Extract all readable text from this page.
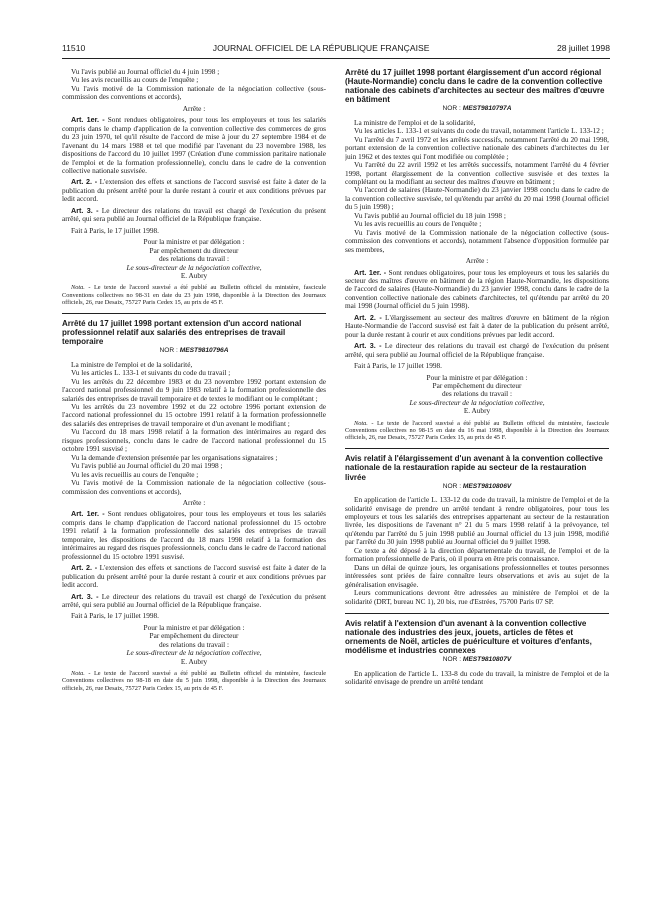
11510	JOURNAL OFFICIEL DE LA RÉPUBLIQUE FRANÇAISE	28 juillet 1998

Vu l'avis publié au Journal officiel du 4 juin 1998 ;

Vu les avis recueillis au cours de l'enquête ;

Vu l'avis motivé de la Commission nationale de la négociation collective (sous-commission des conventions et accords),

Arrête :

Art. 1er. - Sont rendues obligatoires, pour tous les employeurs et tous les salariés compris dans le champ d'application de la convention collective des commerces de gros du 23 juin 1970, tel qu'il résulte de l'accord de mise à jour du 27 septembre 1984 et de l'avenant du 14 mars 1988 et tel que modifié par l'avenant du 23 novembre 1988, les dispositions de l'accord du 10 juillet 1997 (Création d'une commission paritaire nationale de l'emploi et de la formation professionnelle), conclu dans le cadre de la convention collective nationale susvisée.

Art. 2. - L'extension des effets et sanctions de l'accord susvisé est faite à dater de la publication du présent arrêté pour la durée restant à courir et aux conditions prévues par ledit accord.

Art. 3. - Le directeur des relations du travail est chargé de l'exécution du présent arrêté, qui sera publié au Journal officiel de la République française.

Fait à Paris, le 17 juillet 1998.

Pour la ministre et par délégation :

Par empêchement du directeur

des relations du travail :

Le sous-directeur de la négociation collective,

E. Aubry

Nota. - Le texte de l'accord susvisé a été publié au Bulletin officiel du ministère, fascicule Conventions collectives no 98-31 en date du 23 juin 1998, disponible à la Direction des Journaux officiels, 26, rue Desaix, 75727 Paris Cedex 15, au prix de 45 F.

Arrêté du 17 juillet 1998 portant extension d'un accord national professionnel relatif aux salariés des entreprises de travail temporaire

NOR : MEST9810796A

La ministre de l'emploi et de la solidarité,

Vu les articles L. 133-1 et suivants du code du travail ;

Vu les arrêtés du 22 décembre 1983 et du 23 novembre 1992 portant extension de l'accord national professionnel du 9 juin 1983 relatif à la formation professionnelle des salariés des entreprises de travail temporaire et de textes le modifiant ou le complétant ;

Vu les arrêtés du 23 novembre 1992 et du 22 octobre 1996 portant extension de l'accord national professionnel du 15 octobre 1991 relatif à la formation professionnelle des salariés des entreprises de travail temporaire et d'un avenant le modifiant ;

Vu l'accord du 18 mars 1998 relatif à la formation des intérimaires au regard des risques professionnels, conclu dans le cadre de l'accord national professionnel du 15 octobre 1991 susvisé ;

Vu la demande d'extension présentée par les organisations signataires ;

Vu l'avis publié au Journal officiel du 20 mai 1998 ;

Vu les avis recueillis au cours de l'enquête ;

Vu l'avis motivé de la Commission nationale de la négociation collective (sous-commission des conventions et accords),

Arrête :

Art. 1er. - Sont rendues obligatoires, pour tous les employeurs et tous les salariés compris dans le champ d'application de l'accord national professionnel du 15 octobre 1991 relatif à la formation professionnelle des salariés des entreprises de travail temporaire, les dispositions de l'accord du 18 mars 1998 relatif à la formation des intérimaires au regard des risques professionnels, conclu dans le cadre de l'accord national professionnel du 15 octobre 1991 susvisé.

Art. 2. - L'extension des effets et sanctions de l'accord susvisé est faite à dater de la publication du présent arrêté pour la durée restant à courir et aux conditions prévues par ledit accord.

Art. 3. - Le directeur des relations du travail est chargé de l'exécution du présent arrêté, qui sera publié au Journal officiel de la République française.

Fait à Paris, le 17 juillet 1998.

Pour la ministre et par délégation :

Par empêchement du directeur

des relations du travail :

Le sous-directeur de la négociation collective,

E. Aubry

Nota. - Le texte de l'accord susvisé a été publié au Bulletin officiel du ministère, fascicule Conventions collectives no 98-18 en date du 5 juin 1998, disponible à la Direction des Journaux officiels, 26, rue Desaix, 75727 Paris Cedex 15, au prix de 45 F.

Arrêté du 17 juillet 1998 portant élargissement d'un accord régional (Haute-Normandie) conclu dans le cadre de la convention collective nationale des cabinets d'architectes au secteur des maîtres d'œuvre en bâtiment

NOR : MEST9810797A

La ministre de l'emploi et de la solidarité,

Vu les articles L. 133-1 et suivants du code du travail, notamment l'article L. 133-12 ;

Vu l'arrêté du 7 avril 1972 et les arrêtés successifs, notamment l'arrêté du 20 mai 1998, portant extension de la convention collective nationale des cabinets d'architectes du 1er juin 1962 et des textes qui l'ont modifiée ou complétée ;

Vu l'arrêté du 22 avril 1992 et les arrêtés successifs, notamment l'arrêté du 4 février 1998, portant élargissement de la convention collective susvisée et des textes la complétant ou la modifiant au secteur des maîtres d'œuvre en bâtiment ;

Vu l'accord de salaires (Haute-Normandie) du 23 janvier 1998 conclu dans le cadre de la convention collective susvisée, tel qu'étendu par arrêté du 20 mai 1998 (Journal officiel du 5 juin 1998) ;

Vu l'avis publié au Journal officiel du 18 juin 1998 ;

Vu les avis recueillis au cours de l'enquête ;

Vu l'avis motivé de la Commission nationale de la négociation collective (sous-commission des conventions et accords), notamment l'absence d'opposition formulée par ses membres,

Arrête :

Art. 1er. - Sont rendues obligatoires, pour tous les employeurs et tous les salariés du secteur des maîtres d'œuvre en bâtiment de la région Haute-Normandie, les dispositions de l'accord de salaires (Haute-Normandie) du 23 janvier 1998, conclu dans le cadre de la convention collective nationale des cabinets d'architectes, tel qu'étendu par arrêté du 20 mai 1998 (Journal officiel du 5 juin 1998).

Art. 2. - L'élargissement au secteur des maîtres d'œuvre en bâtiment de la région Haute-Normandie de l'accord susvisé est fait à dater de la publication du présent arrêté, pour la durée restant à courir et aux conditions prévues par ledit accord.

Art. 3. - Le directeur des relations du travail est chargé de l'exécution du présent arrêté, qui sera publié au Journal officiel de la République française.

Fait à Paris, le 17 juillet 1998.

Pour la ministre et par délégation :

Par empêchement du directeur

des relations du travail :

Le sous-directeur de la négociation collective,

E. Aubry

Nota. - Le texte de l'accord susvisé a été publié au Bulletin officiel du ministère, fascicule Conventions collectives no 98-15 en date du 16 mai 1998, disponible à la Direction des Journaux officiels, 26, rue Desaix, 75727 Paris Cedex 15, au prix de 45 F.

Avis relatif à l'élargissement d'un avenant à la convention collective nationale de la restauration rapide au secteur de la restauration livrée

NOR : MEST9810806V

En application de l'article L. 133-12 du code du travail, la ministre de l'emploi et de la solidarité envisage de prendre un arrêté tendant à rendre obligatoires, pour tous les employeurs et tous les salariés des entreprises appartenant au secteur de la restauration livrée, les dispositions de l'avenant n° 21 du 5 mars 1998 relatif à la prévoyance, tel qu'étendu par l'arrêté du 5 juin 1998 publié au Journal officiel du 13 juin 1998, modifié par l'arrêté du 30 juin 1998 publié au Journal officiel du 9 juillet 1998.

Ce texte a été déposé à la direction départementale du travail, de l'emploi et de la formation professionnelle de Paris, où il pourra en être pris connaissance.

Dans un délai de quinze jours, les organisations professionnelles et toutes personnes intéressées sont priées de faire connaître leurs observations et avis au sujet de la généralisation envisagée.

Leurs communications devront être adressées au ministère de l'emploi et de la solidarité (DRT, bureau NC 1), 20 bis, rue d'Estrées, 75700 Paris 07 SP.

Avis relatif à l'extension d'un avenant à la convention collective nationale des industries des jeux, jouets, articles de fêtes et ornements de Noël, articles de puériculture et voitures d'enfants, modélisme et industries connexes

NOR : MEST9810807V

En application de l'article L. 133-8 du code du travail, la ministre de l'emploi et de la solidarité envisage de prendre un arrêté tendant
